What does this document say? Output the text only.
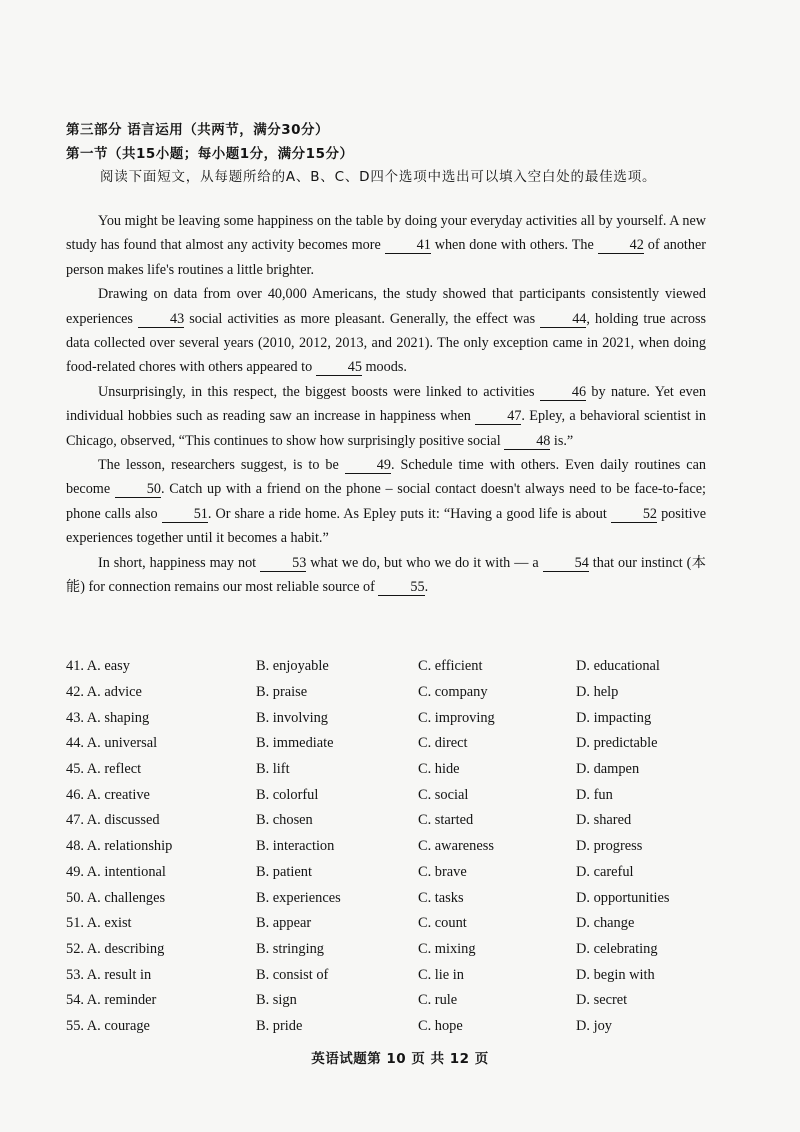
第三部分 语言运用（共两节，满分30分）
第一节（共15小题；每小题1分，满分15分）
阅读下面短文，从每题所给的A、B、C、D四个选项中选出可以填入空白处的最佳选项。

You might be leaving some happiness on the table by doing your everyday activities all by yourself. A new study has found that almost any activity becomes more 41 when done with others. The 42 of another person makes life's routines a little brighter.

Drawing on data from over 40,000 Americans, the study showed that participants consistently viewed experiences 43 social activities as more pleasant. Generally, the effect was 44, holding true across data collected over several years (2010, 2012, 2013, and 2021). The only exception came in 2021, when doing food-related chores with others appeared to 45 moods.

Unsurprisingly, in this respect, the biggest boosts were linked to activities 46 by nature. Yet even individual hobbies such as reading saw an increase in happiness when 47. Epley, a behavioral scientist in Chicago, observed, “This continues to show how surprisingly positive social 48 is.”

The lesson, researchers suggest, is to be 49. Schedule time with others. Even daily routines can become 50. Catch up with a friend on the phone – social contact doesn't always need to be face-to-face; phone calls also 51. Or share a ride home. As Epley puts it: “Having a good life is about 52 positive experiences together until it becomes a habit.”

In short, happiness may not 53 what we do, but who we do it with — a 54 that our instinct (本能) for connection remains our most reliable source of 55.

41. A. easy	B. enjoyable	C. efficient	D. educational
42. A. advice	B. praise	C. company	D. help
43. A. shaping	B. involving	C. improving	D. impacting
44. A. universal	B. immediate	C. direct	D. predictable
45. A. reflect	B. lift	C. hide	D. dampen
46. A. creative	B. colorful	C. social	D. fun
47. A. discussed	B. chosen	C. started	D. shared
48. A. relationship	B. interaction	C. awareness	D. progress
49. A. intentional	B. patient	C. brave	D. careful
50. A. challenges	B. experiences	C. tasks	D. opportunities
51. A. exist	B. appear	C. count	D. change
52. A. describing	B. stringing	C. mixing	D. celebrating
53. A. result in	B. consist of	C. lie in	D. begin with
54. A. reminder	B. sign	C. rule	D. secret
55. A. courage	B. pride	C. hope	D. joy
英语试题第 10 页 共 12 页
